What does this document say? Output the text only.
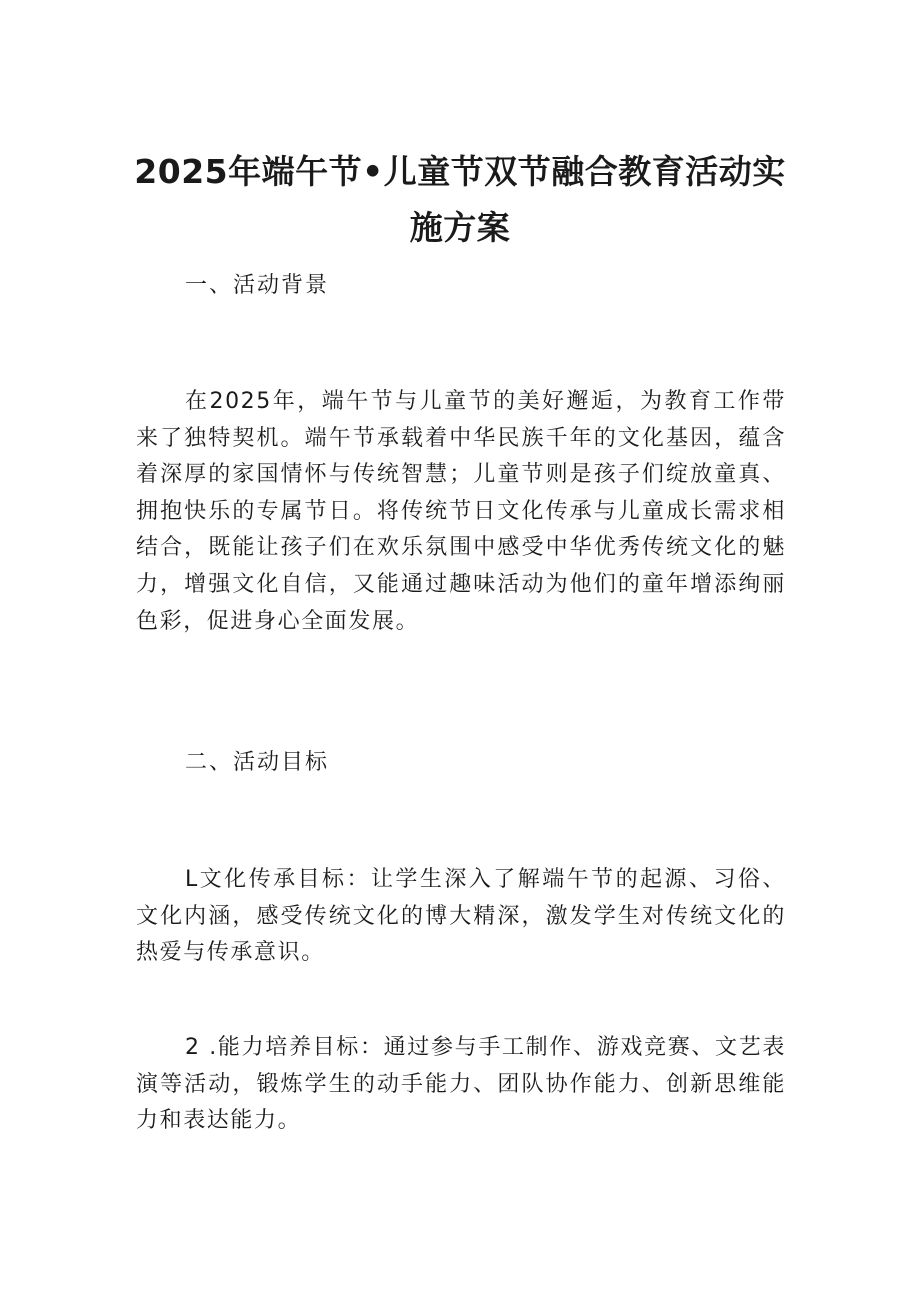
2025年端午节•儿童节双节融合教育活动实施方案
一、活动背景

在2025年，端午节与儿童节的美好邂逅，为教育工作带来了独特契机。端午节承载着中华民族千年的文化基因，蕴含着深厚的家国情怀与传统智慧；儿童节则是孩子们绽放童真、拥抱快乐的专属节日。将传统节日文化传承与儿童成长需求相结合，既能让孩子们在欢乐氛围中感受中华优秀传统文化的魅力，增强文化自信，又能通过趣味活动为他们的童年增添绚丽色彩，促进身心全面发展。

二、活动目标

L文化传承目标：让学生深入了解端午节的起源、习俗、文化内涵，感受传统文化的博大精深，激发学生对传统文化的热爱与传承意识。

2 .能力培养目标：通过参与手工制作、游戏竞赛、文艺表演等活动，锻炼学生的动手能力、团队协作能力、创新思维能力和表达能力。
